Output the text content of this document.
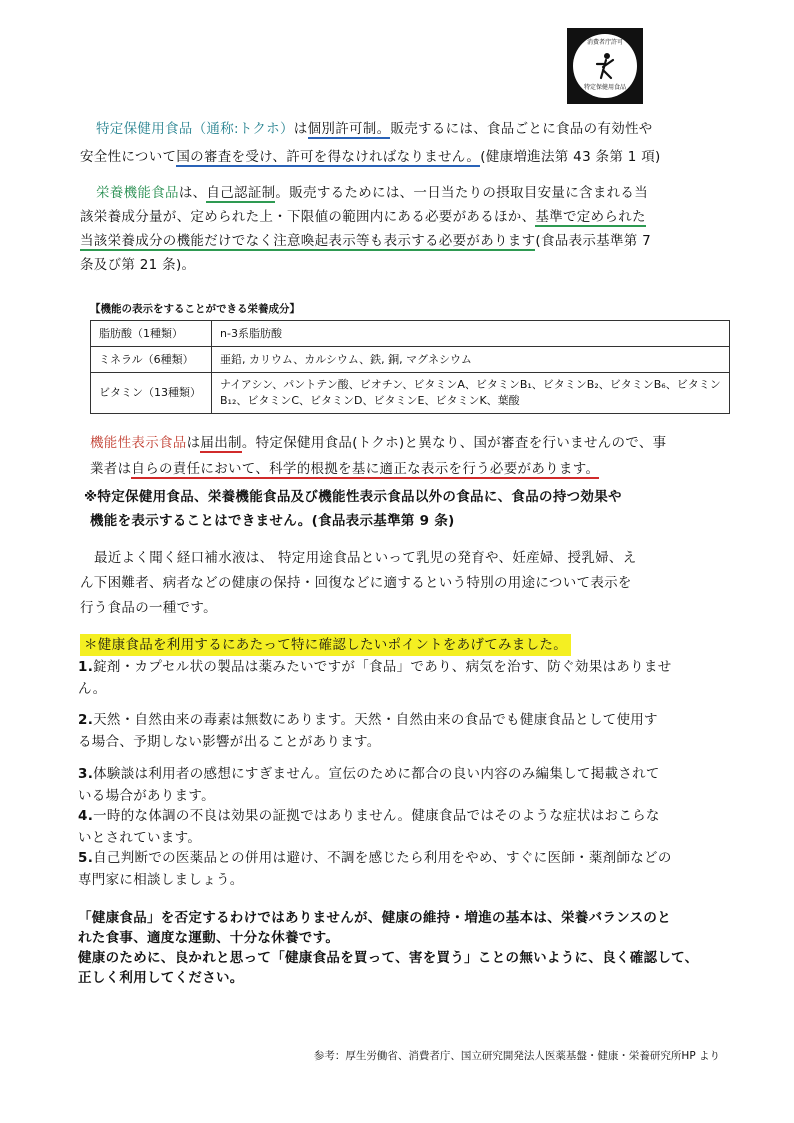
消費者庁許可
特定保健用食品
特定保健用食品（通称:トクホ）は個別許可制。販売するには、食品ごとに食品の有効性や
安全性について国の審査を受け、許可を得なければなりません。(健康増進法第 43 条第 1 項)
栄養機能食品は、自己認証制。販売するためには、一日当たりの摂取目安量に含まれる当
該栄養成分量が、定められた上・下限値の範囲内にある必要があるほか、基準で定められた
当該栄養成分の機能だけでなく注意喚起表示等も表示する必要があります(食品表示基準第 7
条及び第 21 条)。
【機能の表示をすることができる栄養成分】
脂肪酸（1種類）	n-3系脂肪酸
ミネラル（6種類）	亜鉛, カリウム、カルシウム、鉄, 銅, マグネシウム
ビタミン（13種類）	ナイアシン、パントテン酸、ビオチン、ビタミンA、ビタミンB₁、ビタミンB₂、ビタミンB₆、ビタミンB₁₂、ビタミンC、ビタミンD、ビタミンE、ビタミンK、葉酸
機能性表示食品は届出制。特定保健用食品(トクホ)と異なり、国が審査を行いませんので、事
業者は自らの責任において、科学的根拠を基に適正な表示を行う必要があります。
※特定保健用食品、栄養機能食品及び機能性表示食品以外の食品に、食品の持つ効果や
機能を表示することはできません。(食品表示基準第 9 条)
最近よく聞く経口補水液は、 特定用途食品といって乳児の発育や、妊産婦、授乳婦、え
ん下困難者、病者などの健康の保持・回復などに適するという特別の用途について表示を
行う食品の一種です。
＊健康食品を利用するにあたって特に確認したいポイントをあげてみました。
1.錠剤・カプセル状の製品は薬みたいですが「食品」であり、病気を治す、防ぐ効果はありませ
ん。
2.天然・自然由来の毒素は無数にあります。天然・自然由来の食品でも健康食品として使用す
る場合、予期しない影響が出ることがあります。
3.体験談は利用者の感想にすぎません。宣伝のために都合の良い内容のみ編集して掲載されて
いる場合があります。
4.一時的な体調の不良は効果の証拠ではありません。健康食品ではそのような症状はおこらな
いとされています。
5.自己判断での医薬品との併用は避け、不調を感じたら利用をやめ、すぐに医師・薬剤師などの
専門家に相談しましょう。
「健康食品」を否定するわけではありませんが、健康の維持・増進の基本は、栄養バランスのと
れた食事、適度な運動、十分な休養です。
健康のために、良かれと思って「健康食品を買って、害を買う」ことの無いように、良く確認して、
正しく利用してください。
参考：厚生労働省、消費者庁、国立研究開発法人医薬基盤・健康・栄養研究所HP より
